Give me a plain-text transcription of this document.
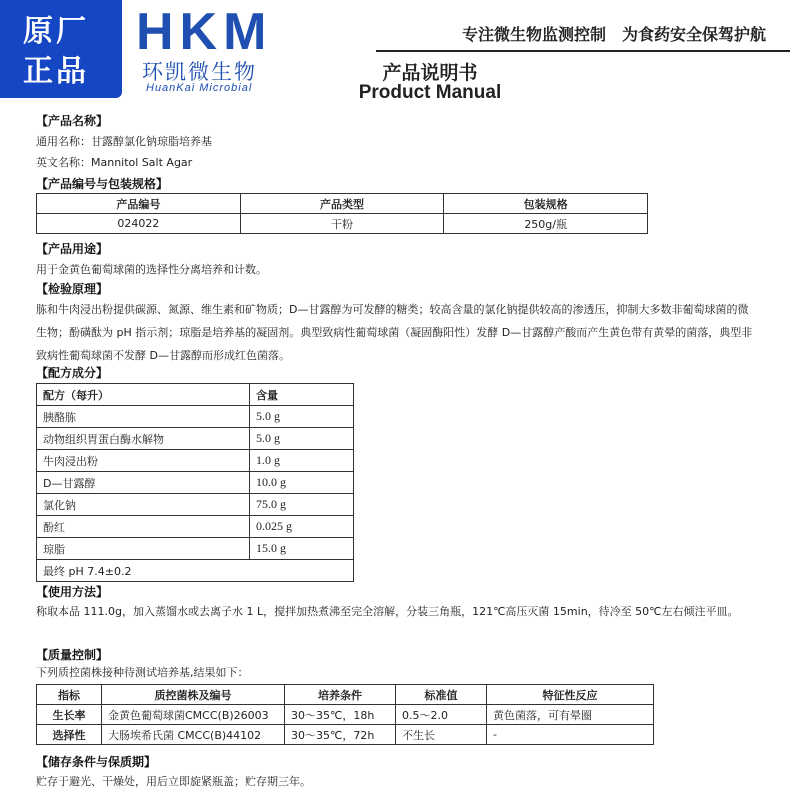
原厂
正品
HKM
环凯微生物
HuanKai Microbial
专注微生物监测控制　为食药安全保驾护航
产品说明书
Product Manual
【产品名称】
通用名称：甘露醇氯化钠琼脂培养基
英文名称：Mannitol Salt Agar
【产品编号与包装规格】
产品编号	产品类型	包装规格
024022	干粉	250g/瓶
【产品用途】
用于金黄色葡萄球菌的选择性分离培养和计数。
【检验原理】
胨和牛肉浸出粉提供碳源、氮源、维生素和矿物质；D—甘露醇为可发酵的糖类；较高含量的氯化钠提供较高的渗透压，抑制大多数非葡萄球菌的微生物；酚磺酞为 pH 指示剂；琼脂是培养基的凝固剂。典型致病性葡萄球菌（凝固酶阳性）发酵 D—甘露醇产酸而产生黄色带有黄晕的菌落，典型非致病性葡萄球菌不发酵 D—甘露醇而形成红色菌落。
【配方成分】
配方（每升）	含量
胰酪胨	5.0 g
动物组织胃蛋白酶水解物	5.0 g
牛肉浸出粉	1.0 g
D—甘露醇	10.0 g
氯化钠	75.0 g
酚红	0.025 g
琼脂	15.0 g
最终 pH 7.4±0.2	
【使用方法】
称取本品 111.0g，加入蒸馏水或去离子水 1 L，搅拌加热煮沸至完全溶解，分装三角瓶，121℃高压灭菌 15min，待冷至 50℃左右倾注平皿。
【质量控制】
下列质控菌株接种待测试培养基,结果如下：
指标	质控菌株及编号	培养条件	标准值	特征性反应
生长率	金黄色葡萄球菌CMCC(B)26003	30～35℃，18h	0.5～2.0	黄色菌落，可有晕圈
选择性	大肠埃希氏菌 CMCC(B)44102	30～35℃，72h	不生长	-
【储存条件与保质期】
贮存于避光、干燥处，用后立即旋紧瓶盖；贮存期三年。
